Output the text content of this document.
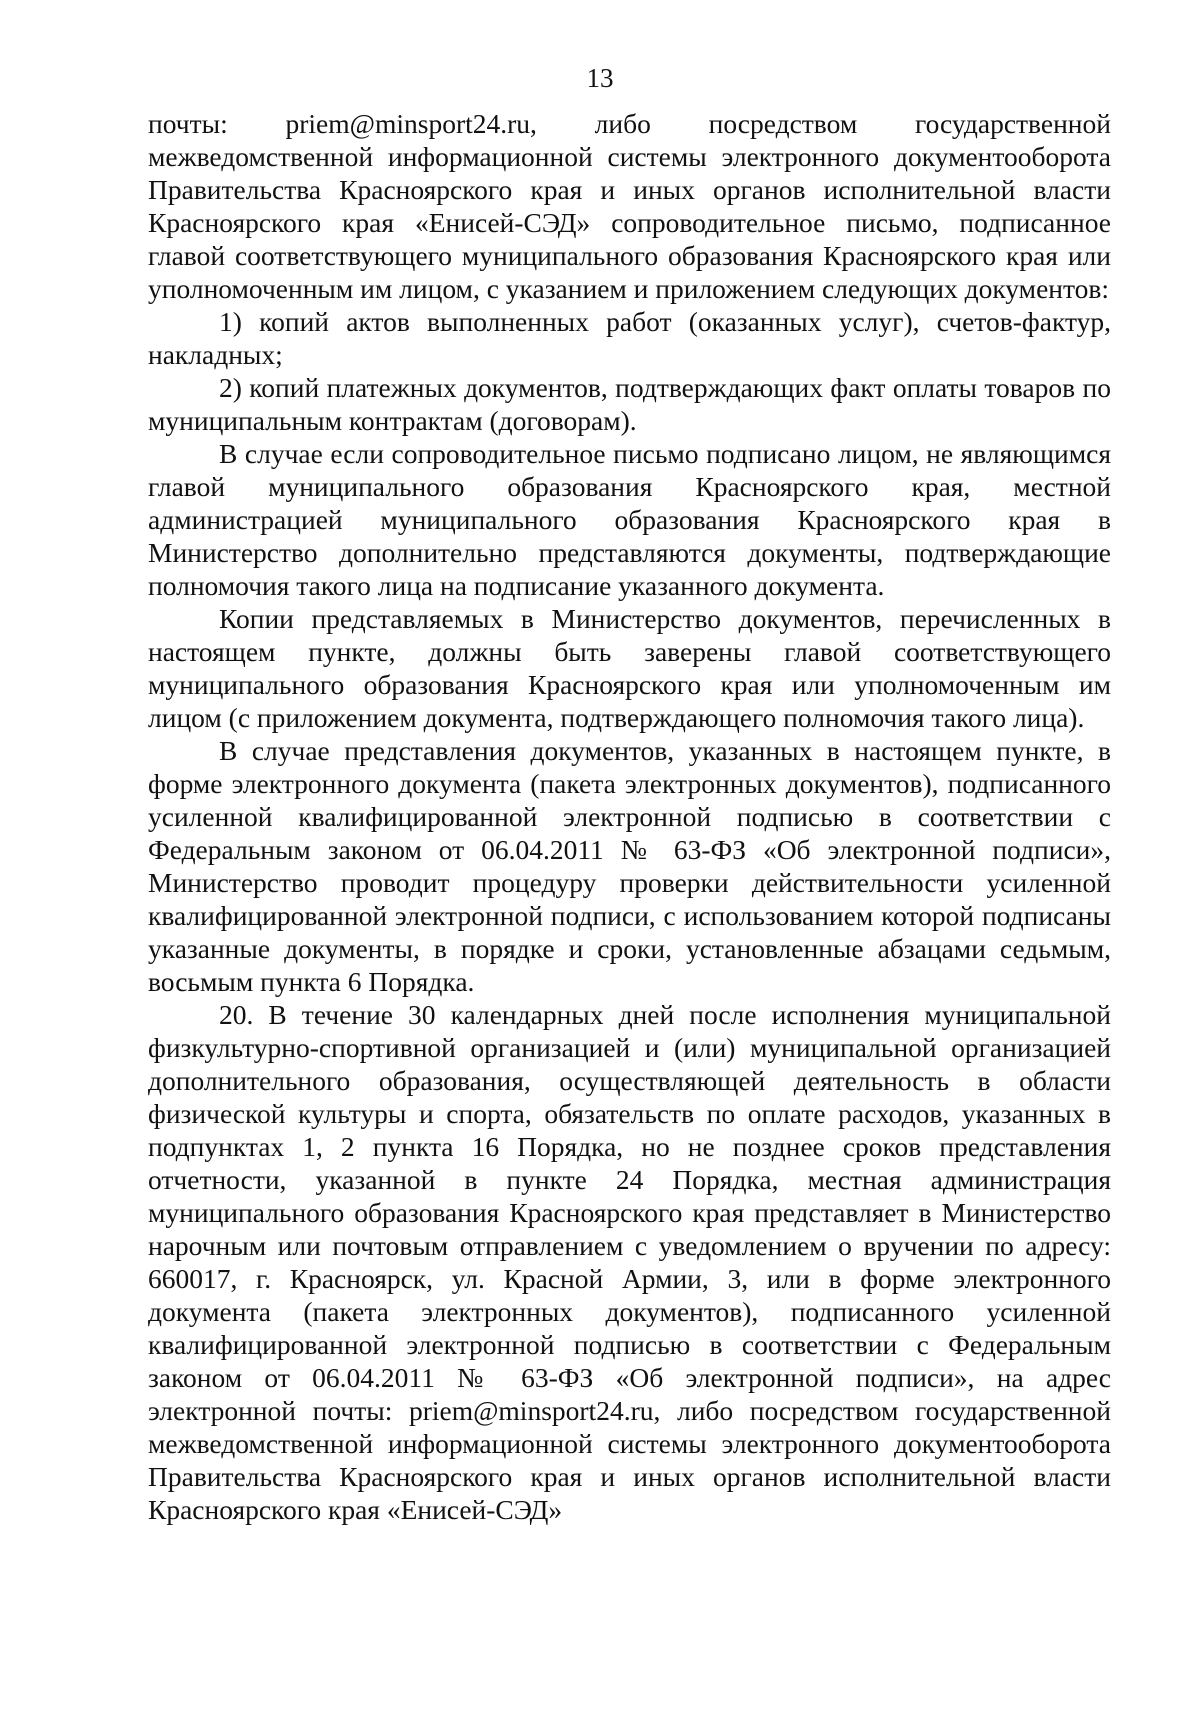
13

почты: priem@minsport24.ru, либо посредством государственной межведомственной информационной системы электронного документооборота Правительства Красноярского края и иных органов исполнительной власти Красноярского края «Енисей-СЭД» сопроводительное письмо, подписанное главой соответствующего муниципального образования Красноярского края или уполномоченным им лицом, с указанием и приложением следующих документов:

1) копий актов выполненных работ (оказанных услуг), счетов-фактур, накладных;

2) копий платежных документов, подтверждающих факт оплаты товаров по муниципальным контрактам (договорам).

В случае если сопроводительное письмо подписано лицом, не являющимся главой муниципального образования Красноярского края, местной администрацией муниципального образования Красноярского края в Министерство дополнительно представляются документы, подтверждающие полномочия такого лица на подписание указанного документа.

Копии представляемых в Министерство документов, перечисленных в настоящем пункте, должны быть заверены главой соответствующего муниципального образования Красноярского края или уполномоченным им лицом (с приложением документа, подтверждающего полномочия такого лица).

В случае представления документов, указанных в настоящем пункте, в форме электронного документа (пакета электронных документов), подписанного усиленной квалифицированной электронной подписью в соответствии с Федеральным законом от 06.04.2011 № 63-ФЗ «Об электронной подписи», Министерство проводит процедуру проверки действительности усиленной квалифицированной электронной подписи, с использованием которой подписаны указанные документы, в порядке и сроки, установленные абзацами седьмым, восьмым пункта 6 Порядка.

20. В течение 30 календарных дней после исполнения муниципальной физкультурно-спортивной организацией и (или) муниципальной организацией дополнительного образования, осуществляющей деятельность в области физической культуры и спорта, обязательств по оплате расходов, указанных в подпунктах 1, 2 пункта 16 Порядка, но не позднее сроков представления отчетности, указанной в пункте 24 Порядка, местная администрация муниципального образования Красноярского края представляет в Министерство нарочным или почтовым отправлением с уведомлением о вручении по адресу: 660017, г. Красноярск, ул. Красной Армии, 3, или в форме электронного документа (пакета электронных документов), подписанного усиленной квалифицированной электронной подписью в соответствии с Федеральным законом от 06.04.2011 № 63-ФЗ «Об электронной подписи», на адрес электронной почты: priem@minsport24.ru, либо посредством государственной межведомственной информационной системы электронного документооборота Правительства Красноярского края и иных органов исполнительной власти Красноярского края «Енисей-СЭД»
